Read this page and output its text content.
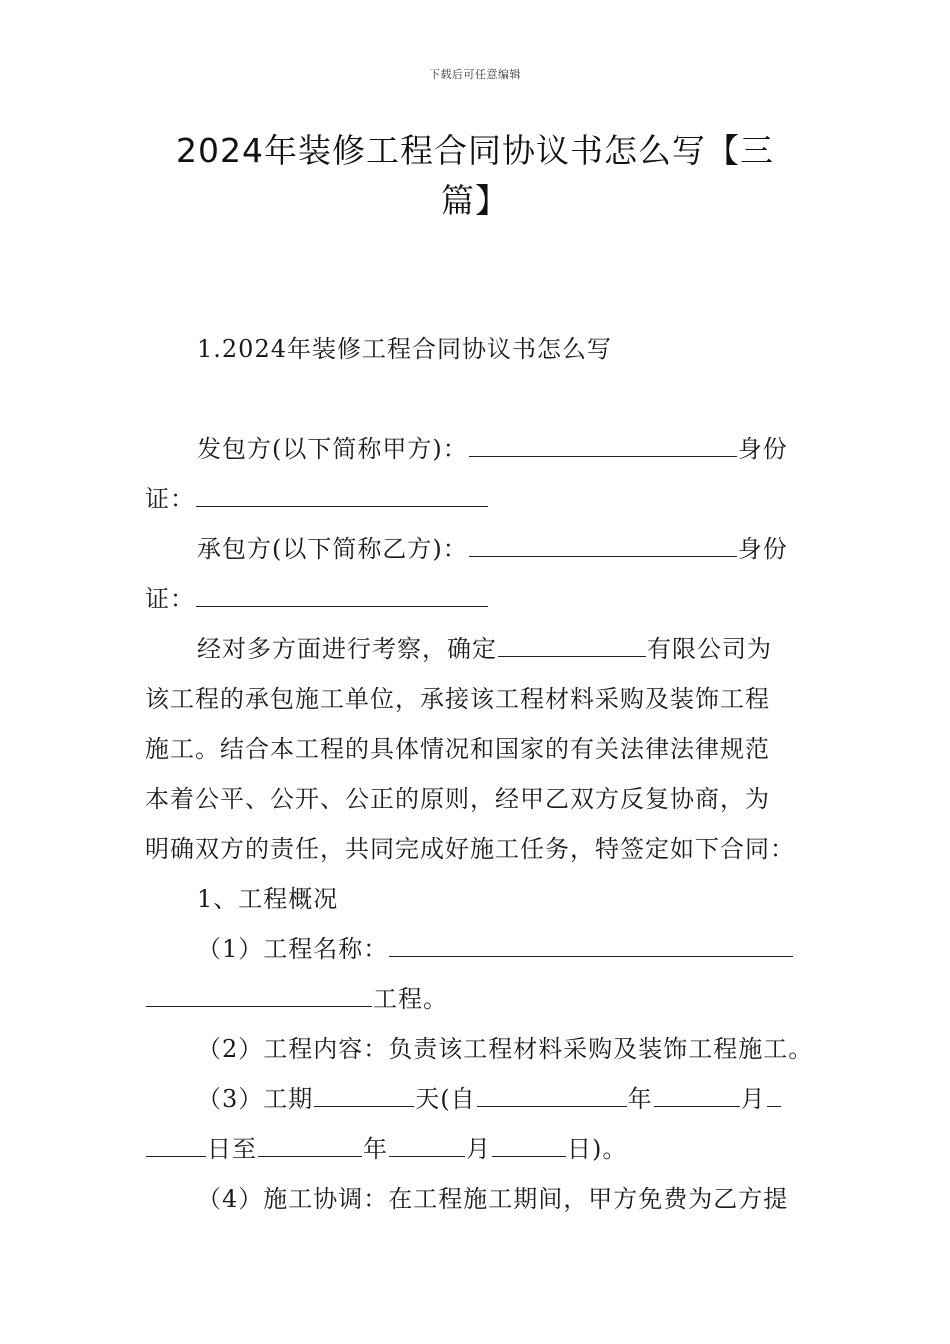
下载后可任意编辑
2024年装修工程合同协议书怎么写【三
篇】
1.2024年装修工程合同协议书怎么写
发包方(以下简称甲方)：	身份
证：
承包方(以下简称乙方)：	身份
证：
经对多方面进行考察，确定	有限公司为
该工程的承包施工单位，承接该工程材料采购及装饰工程
施工。结合本工程的具体情况和国家的有关法律法律规范
本着公平、公开、公正的原则，经甲乙双方反复协商，为
明确双方的责任，共同完成好施工任务，特签定如下合同：
1、工程概况
（1）工程名称：
工程。
（2）工程内容：负责该工程材料采购及装饰工程施工。
（3）工期	天(自	年	月
日至	年	月	日)。
（4）施工协调：在工程施工期间，甲方免费为乙方提
